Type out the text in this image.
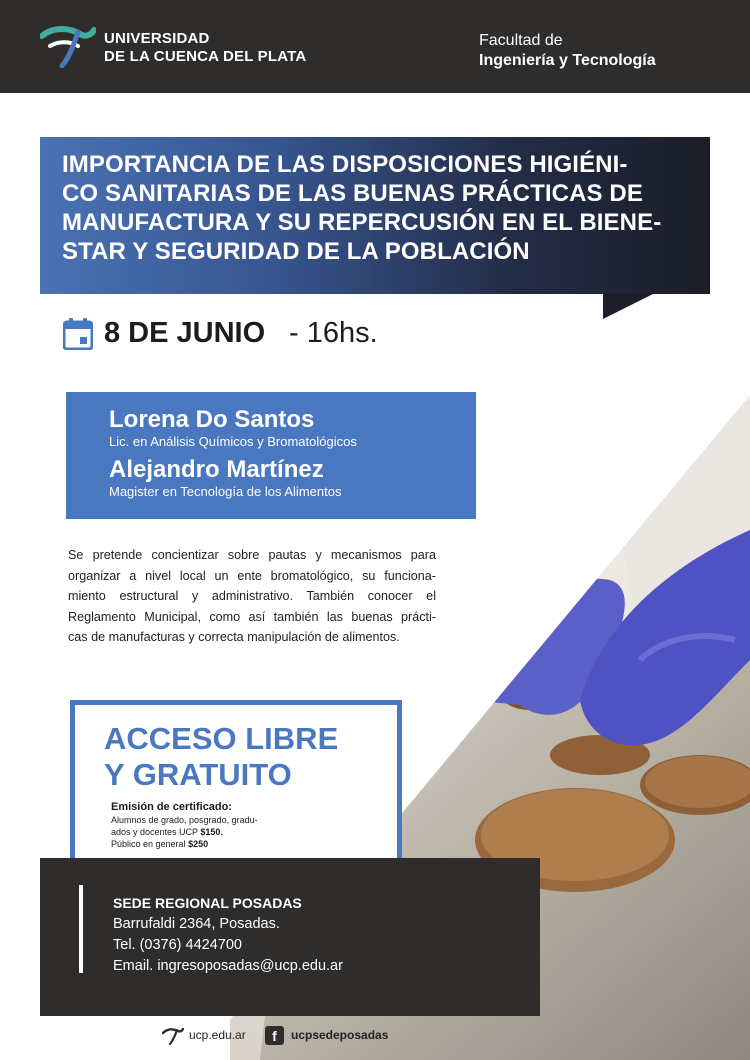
UNIVERSIDAD
DE LA CUENCA DEL PLATA
Facultad de
Ingeniería y Tecnología
IMPORTANCIA DE LAS DISPOSICIONES HIGIÉNI-
CO SANITARIAS DE LAS BUENAS PRÁCTICAS DE
MANUFACTURA Y SU REPERCUSIÓN EN EL BIENE-
STAR Y SEGURIDAD DE LA POBLACIÓN
8 DE JUNIO - 16hs.
Lorena Do Santos
Lic. en Análisis Químicos y Bromatológicos
Alejandro Martínez
Magister en Tecnología de los Alimentos
Se pretende concientizar sobre pautas y mecanismos para
organizar a nivel local un ente bromatológico, su funciona-
miento estructural y administrativo. También conocer el
Reglamento Municipal, como así también las buenas prácti-
cas de manufacturas y correcta manipulación de alimentos.
ACCESO LIBRE
Y GRATUITO
Emisión de certificado:
Alumnos de grado, posgrado, gradu-
ados y docentes UCP $150.
Público en general $250
SEDE REGIONAL POSADAS
Barrufaldi 2364, Posadas.
Tel. (0376) 4424700
Email. ingresoposadas@ucp.edu.ar
ucp.edu.ar	f	ucpsedeposadas
